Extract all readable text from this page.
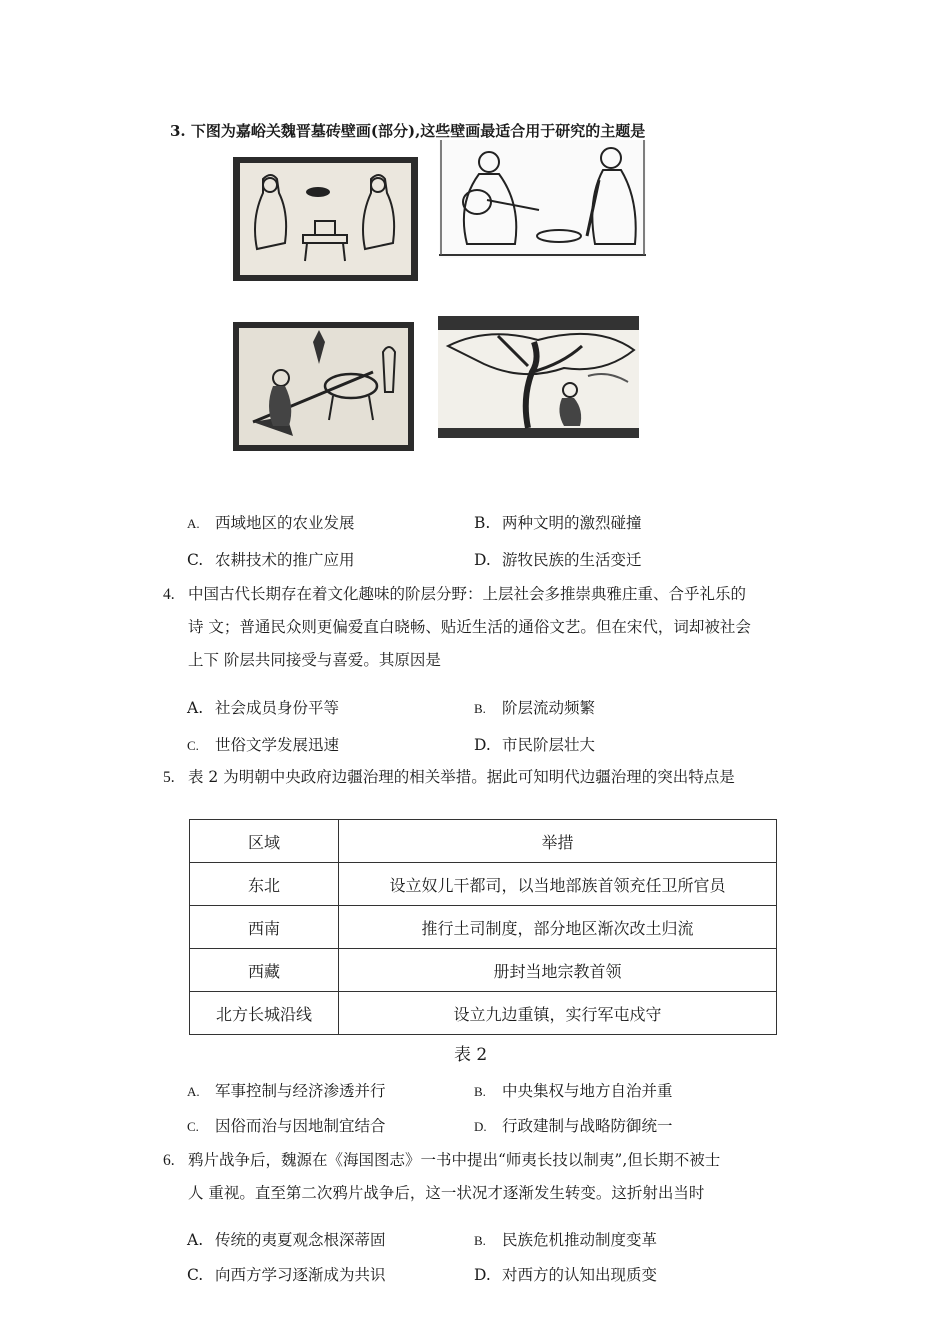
3. 下图为嘉峪关魏晋墓砖壁画(部分),这些壁画最适合用于研究的主题是
A. 西域地区的农业发展	B. 两种文明的激烈碰撞
C. 农耕技术的推广应用	D. 游牧民族的生活变迁
4. 中国古代长期存在着文化趣味的阶层分野：上层社会多推崇典雅庄重、合乎礼乐的
诗 文；普通民众则更偏爱直白晓畅、贴近生活的通俗文艺。但在宋代，词却被社会
上下 阶层共同接受与喜爱。其原因是
A. 社会成员身份平等	B. 阶层流动频繁
C. 世俗文学发展迅速	D. 市民阶层壮大
5. 表 2 为明朝中央政府边疆治理的相关举措。据此可知明代边疆治理的突出特点是
区域	举措
东北	设立奴儿干都司，以当地部族首领充任卫所官员
西南	推行土司制度，部分地区渐次改土归流
西藏	册封当地宗教首领
北方长城沿线	设立九边重镇，实行军屯戍守
表 2
A. 军事控制与经济渗透并行	B. 中央集权与地方自治并重
C. 因俗而治与因地制宜结合	D. 行政建制与战略防御统一
6. 鸦片战争后，魏源在《海国图志》一书中提出“师夷长技以制夷”,但长期不被士
人 重视。直至第二次鸦片战争后，这一状况才逐渐发生转变。这折射出当时
A. 传统的夷夏观念根深蒂固	B. 民族危机推动制度变革
C. 向西方学习逐渐成为共识	D. 对西方的认知出现质变
